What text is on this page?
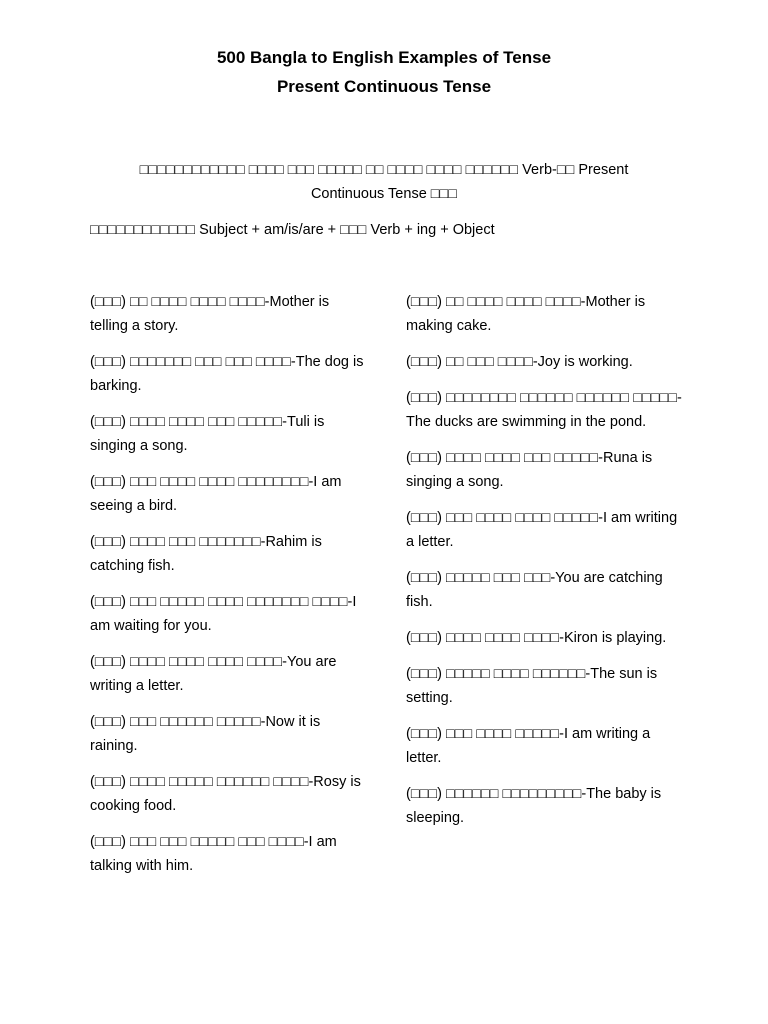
500 Bangla to English Examples of Tense
Present Continuous Tense

□□□□□□□□□□□□ □□□□ □□□ □□□□□ □□ □□□□ □□□□ □□□□□□ Verb-□□ Present Continuous Tense □□□

□□□□□□□□□□□□ Subject + am/is/are + □□□ Verb + ing + Object

(□□□) □□ □□□□ □□□□ □□□□-Mother is telling a story.

(□□□) □□□□□□□ □□□ □□□ □□□□-The dog is barking.

(□□□) □□□□ □□□□ □□□ □□□□□-Tuli is singing a song.

(□□□) □□□ □□□□ □□□□ □□□□□□□□-I am seeing a bird.

(□□□) □□□□ □□□ □□□□□□□-Rahim is catching fish.

(□□□) □□□ □□□□□ □□□□ □□□□□□□ □□□□-I am waiting for you.

(□□□) □□□□ □□□□ □□□□ □□□□-You are writing a letter.

(□□□) □□□ □□□□□□ □□□□□-Now it is raining.

(□□□) □□□□ □□□□□ □□□□□□ □□□□-Rosy is cooking food.

(□□□) □□□ □□□ □□□□□ □□□ □□□□-I am talking with him.

(□□□) □□ □□□□ □□□□ □□□□-Mother is making cake.

(□□□) □□ □□□ □□□□-Joy is working.

(□□□) □□□□□□□□ □□□□□□ □□□□□□ □□□□□-The ducks are swimming in the pond.

(□□□) □□□□ □□□□ □□□ □□□□□-Runa is singing a song.

(□□□) □□□ □□□□ □□□□ □□□□□-I am writing a letter.

(□□□) □□□□□ □□□ □□□-You are catching fish.

(□□□) □□□□ □□□□ □□□□-Kiron is playing.

(□□□) □□□□□ □□□□ □□□□□□-The sun is setting.

(□□□) □□□ □□□□ □□□□□-I am writing a letter.

(□□□) □□□□□□ □□□□□□□□□-The baby is sleeping.
